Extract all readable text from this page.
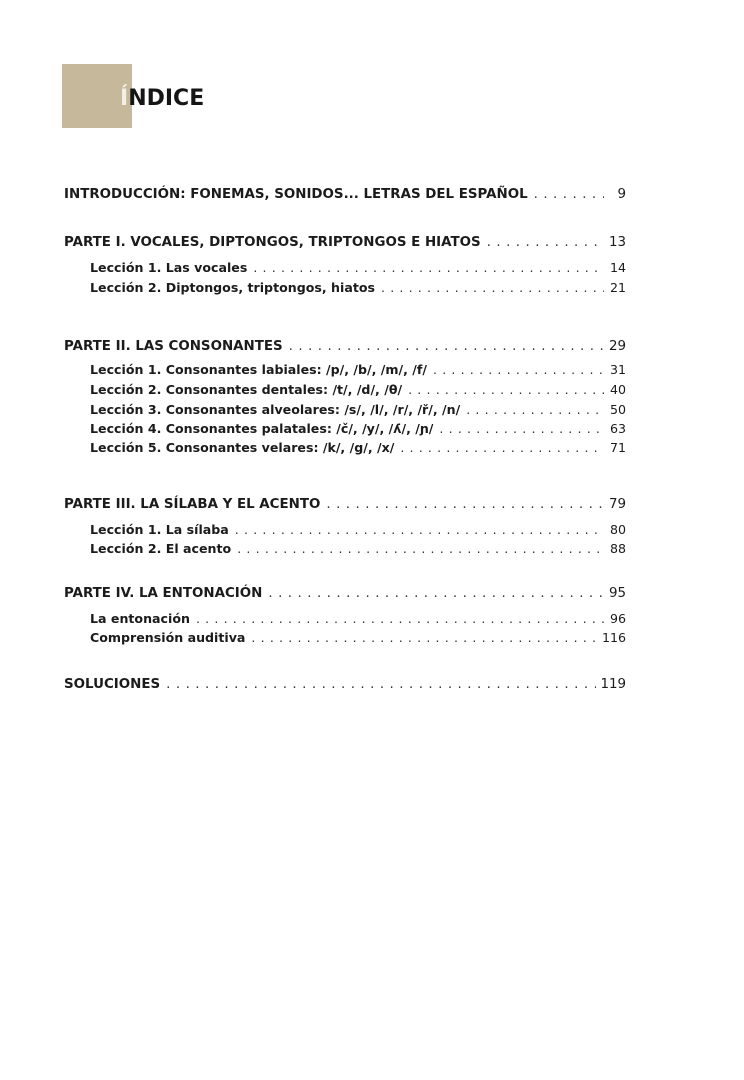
ÍNDICE
INTRODUCCIÓN: FONEMAS, SONIDOS... LETRAS DEL ESPAÑOL . . .	9
PARTE I. VOCALES, DIPTONGOS, TRIPTONGOS E HIATOS . . .	13
Lección 1. Las vocales . . .	14
Lección 2. Diptongos, triptongos, hiatos . . .	21
PARTE II. LAS CONSONANTES . . .	29
Lección 1. Consonantes labiales: /p/, /b/, /m/, /f/ . . .	31
Lección 2. Consonantes dentales: /t/, /d/, /θ/ . . .	40
Lección 3. Consonantes alveolares: /s/, /l/, /r/, /ř/, /n/ . . .	50
Lección 4. Consonantes palatales: /č/, /y/, /ʎ/, /ɲ/ . . .	63
Lección 5. Consonantes velares: /k/, /g/, /x/ . . .	71
PARTE III. LA SÍLABA Y EL ACENTO . . .	79
Lección 1. La sílaba . . .	80
Lección 2. El acento . . .	88
PARTE IV. LA ENTONACIÓN . . .	95
La entonación . . .	96
Comprensión auditiva . . .	116
SOLUCIONES . . .	119
